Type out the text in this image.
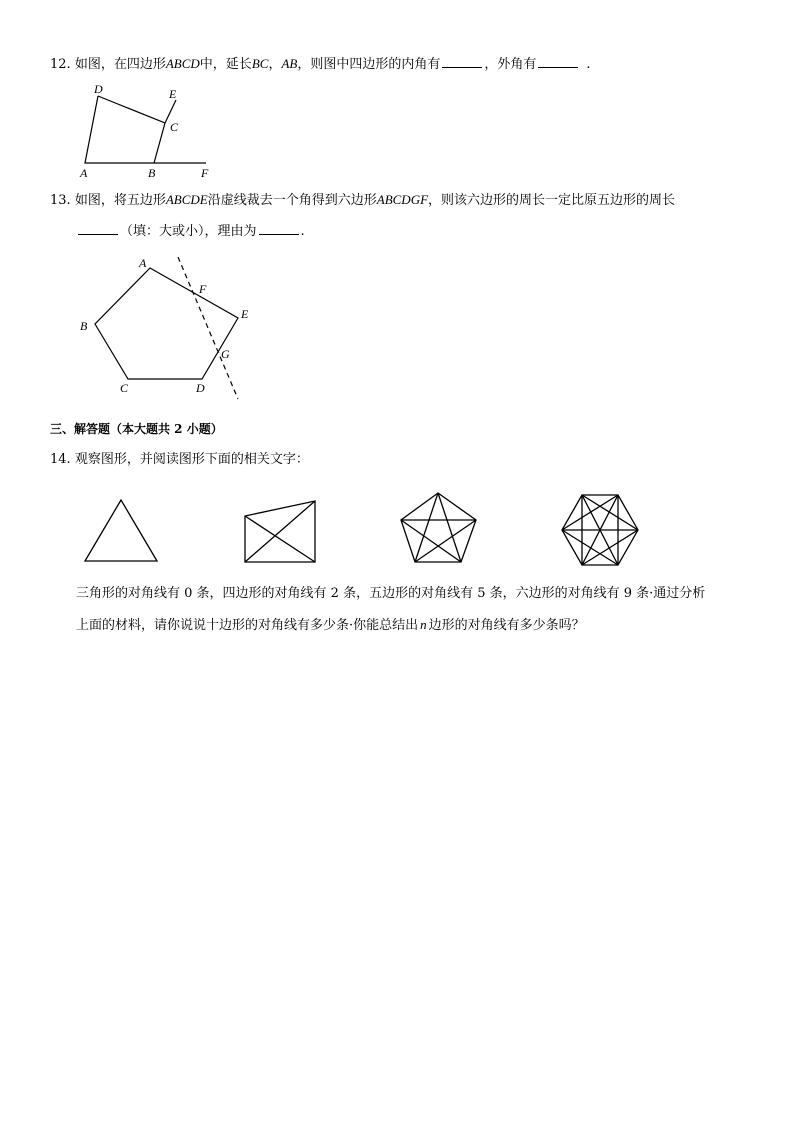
12. 如图，在四边形ABCD中，延长BC，AB，则图中四边形的内角有	，外角有	.
D	E
C
A	B	F
13. 如图，将五边形ABCDE沿虚线裁去一个角得到六边形ABCDGF，则该六边形的周长一定比原五边形的周长
（填：大或小），理由为	.
A
F
B
E
G
C	D
三、解答题（本大题共 2 小题）
14. 观察图形，并阅读图形下面的相关文字：
三角形的对角线有 0 条，四边形的对角线有 2 条，五边形的对角线有 5 条，六边形的对角线有 9 条·通过分析
上面的材料，请你说说十边形的对角线有多少条·你能总结出 n 边形的对角线有多少条吗？
